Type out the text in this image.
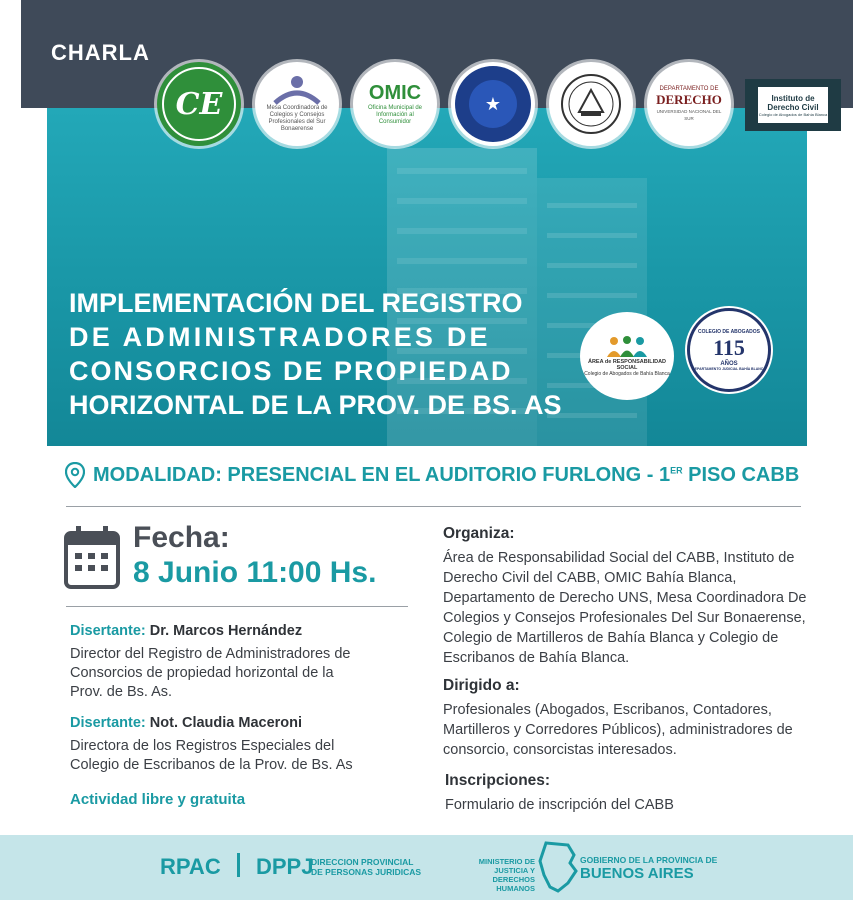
CHARLA
IMPLEMENTACIÓN DEL REGISTRO
DE ADMINISTRADORES DE
CONSORCIOS DE PROPIEDAD
HORIZONTAL DE LA PROV. DE BS. AS
CE	Mesa Coordinadora de Colegios y Consejos Profesionales del Sur Bonaerense
OMIC
Oficina Municipal de Información al Consumidor
★
DEPARTAMENTO DE
DERECHO
UNIVERSIDAD NACIONAL DEL SUR
Instituto de Derecho Civil
Colegio de Abogados de Bahía Blanca
ÁREA de RESPONSABILIDAD SOCIAL
Colegio de Abogados de Bahía Blanca
COLEGIO DE ABOGADOS
115
AÑOS
DEPARTAMENTO JUDICIAL BAHÍA BLANCA
MODALIDAD: PRESENCIAL EN EL AUDITORIO FURLONG - 1ER PISO CABB
Fecha:
8 Junio 11:00 Hs.
Disertante: Dr. Marcos Hernández
Director del Registro de Administradores de Consorcios de propiedad horizontal de la Prov. de Bs. As.
Disertante: Not. Claudia Maceroni
Directora de los Registros Especiales del Colegio de Escribanos de la Prov. de Bs. As
Actividad libre y gratuita
Organiza:
Área de Responsabilidad Social del CABB, Instituto de Derecho Civil del CABB, OMIC Bahía Blanca, Departamento de Derecho UNS, Mesa Coordinadora De Colegios y Consejos Profesionales Del Sur Bonaerense, Colegio de Martilleros de Bahía Blanca y Colegio de Escribanos de Bahía Blanca.
Dirigido a:
Profesionales (Abogados, Escribanos, Contadores, Martilleros y Corredores Públicos), administradores de consorcio, consorcistas interesados.
Inscripciones:
Formulario de inscripción del CABB
RPAC DPPJ
DIRECCION PROVINCIAL
DE PERSONAS JURIDICAS
MINISTERIO DE JUSTICIA Y
DERECHOS HUMANOS
GOBIERNO DE LA PROVINCIA DE
BUENOS AIRES
